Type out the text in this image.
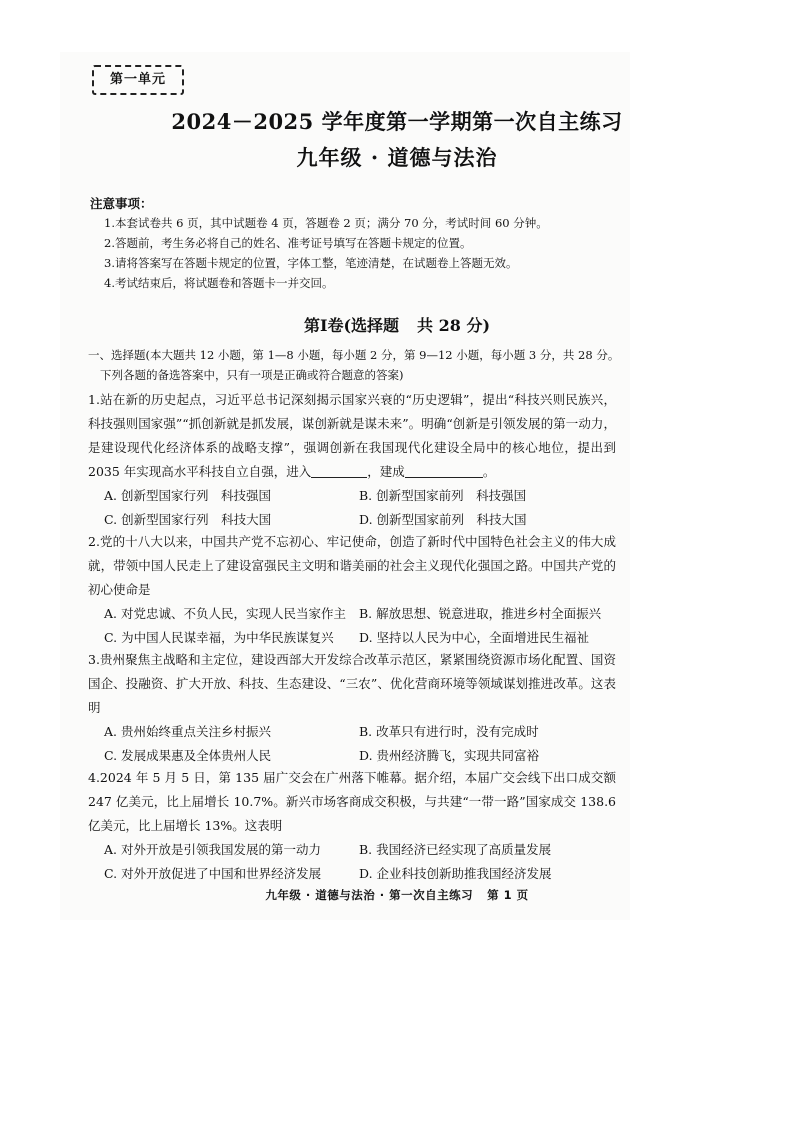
第一单元
2024－2025 学年度第一学期第一次自主练习
九年级 · 道德与法治
注意事项：
1.本套试卷共 6 页，其中试题卷 4 页，答题卷 2 页；满分 70 分，考试时间 60 分钟。
2.答题前，考生务必将自己的姓名、准考证号填写在答题卡规定的位置。
3.请将答案写在答题卡规定的位置，字体工整，笔迹清楚，在试题卷上答题无效。
4.考试结束后，将试题卷和答题卡一并交回。
第Ⅰ卷(选择题 共 28 分)
一、选择题(本大题共 12 小题，第 1—8 小题，每小题 2 分，第 9—12 小题，每小题 3 分，共 28 分。
下列各题的备选答案中，只有一项是正确或符合题意的答案)
1.站在新的历史起点，习近平总书记深刻揭示国家兴衰的“历史逻辑”，提出“科技兴则民族兴，科技强则国家强”“抓创新就是抓发展，谋创新就是谋未来”。明确“创新是引领发展的第一动力，是建设现代化经济体系的战略支撑”，强调创新在我国现代化建设全局中的核心地位，提出到 2035 年实现高水平科技自立自强，进入	，建成	。
A. 创新型国家行列　科技强国	B. 创新型国家前列　科技强国
C. 创新型国家行列　科技大国	D. 创新型国家前列　科技大国
2.党的十八大以来，中国共产党不忘初心、牢记使命，创造了新时代中国特色社会主义的伟大成就，带领中国人民走上了建设富强民主文明和谐美丽的社会主义现代化强国之路。中国共产党的初心使命是
A. 对党忠诚、不负人民，实现人民当家作主	B. 解放思想、锐意进取，推进乡村全面振兴
C. 为中国人民谋幸福，为中华民族谋复兴	D. 坚持以人民为中心，全面增进民生福祉
3.贵州聚焦主战略和主定位，建设西部大开发综合改革示范区，紧紧围绕资源市场化配置、国资国企、投融资、扩大开放、科技、生态建设、“三农”、优化营商环境等领域谋划推进改革。这表明
A. 贵州始终重点关注乡村振兴	B. 改革只有进行时，没有完成时
C. 发展成果惠及全体贵州人民	D. 贵州经济腾飞，实现共同富裕
4.2024 年 5 月 5 日，第 135 届广交会在广州落下帷幕。据介绍，本届广交会线下出口成交额 247 亿美元，比上届增长 10.7%。新兴市场客商成交积极，与共建“一带一路”国家成交 138.6 亿美元，比上届增长 13%。这表明
A. 对外开放是引领我国发展的第一动力	B. 我国经济已经实现了高质量发展
C. 对外开放促进了中国和世界经济发展	D. 企业科技创新助推我国经济发展
九年级 · 道德与法治 · 第一次自主练习 第 1 页
